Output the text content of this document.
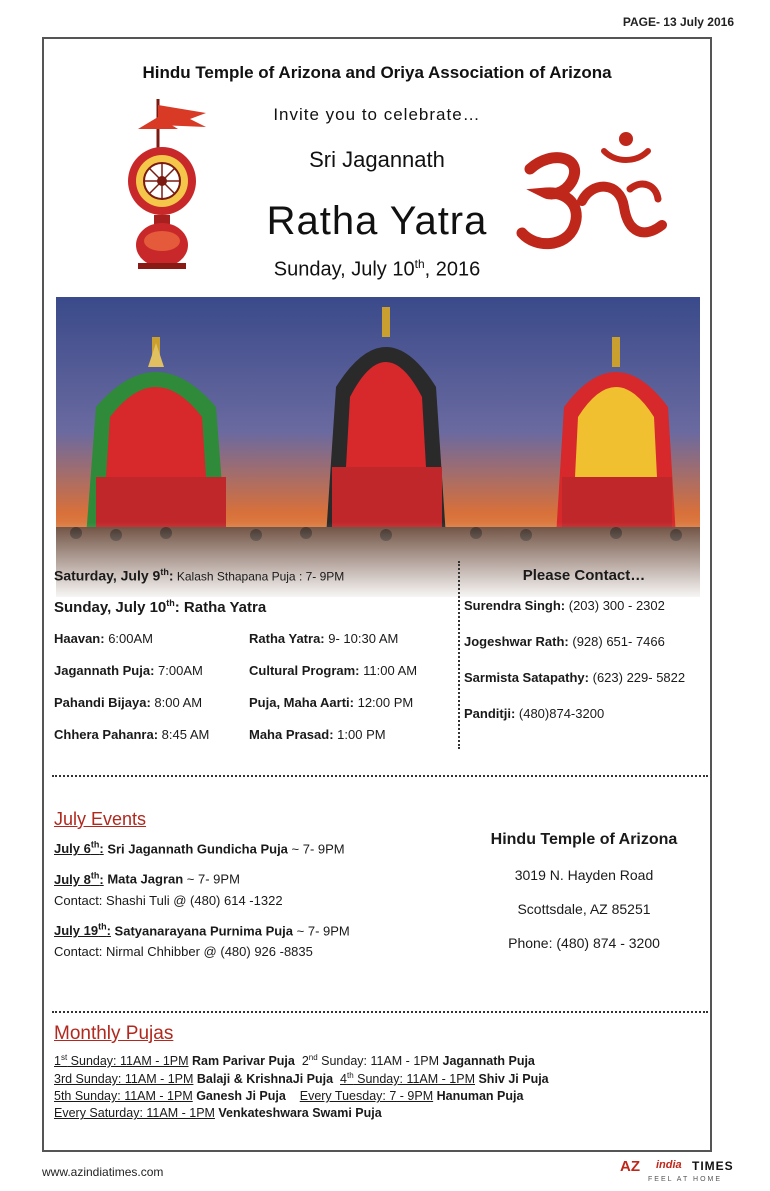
PAGE- 13 July 2016
Hindu Temple of Arizona and Oriya Association of Arizona
Invite you to celebrate…
Sri Jagannath
Ratha Yatra
Sunday, July 10th, 2016
Saturday, July 9th: Kalash Sthapana Puja : 7- 9PM
Sunday, July 10th: Ratha Yatra
Haavan: 6:00AM	Ratha Yatra: 9- 10:30 AM
Jagannath Puja: 7:00AM	Cultural Program: 11:00 AM
Pahandi Bijaya: 8:00 AM	Puja, Maha Aarti: 12:00 PM
Chhera Pahanra: 8:45 AM	Maha Prasad: 1:00 PM
Please Contact…
Surendra Singh: (203) 300 - 2302
Jogeshwar Rath: (928) 651- 7466
Sarmista Satapathy: (623) 229- 5822
Panditji: (480)874-3200
July Events
July 6th: Sri Jagannath Gundicha Puja ~ 7- 9PM
July 8th: Mata Jagran ~ 7- 9PM
Contact: Shashi Tuli @ (480) 614 -1322
July 19th: Satyanarayana Purnima Puja ~ 7- 9PM
Contact: Nirmal Chhibber @ (480) 926 -8835
Hindu Temple of Arizona
3019 N. Hayden Road
Scottsdale, AZ 85251
Phone: (480) 874 - 3200
Monthly Pujas
1st Sunday: 11AM - 1PM Ram Parivar Puja 2nd Sunday: 11AM - 1PM Jagannath Puja
3rd Sunday: 11AM - 1PM Balaji & KrishnaJi Puja 4th Sunday: 11AM - 1PM Shiv Ji Puja
5th Sunday: 11AM - 1PM Ganesh Ji Puja Every Tuesday: 7 - 9PM Hanuman Puja
Every Saturday: 11AM - 1PM Venkateshwara Swami Puja
www.azindiatimes.com	AZ india TIMES
FEEL AT HOME
